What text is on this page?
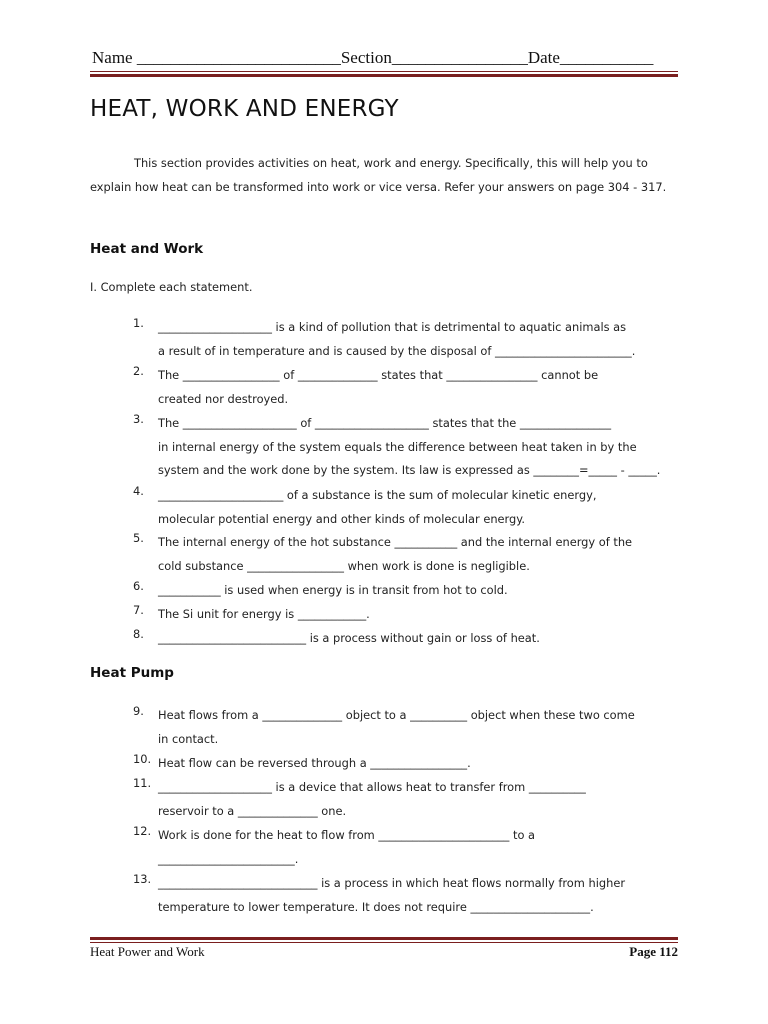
Name ________________________Section________________Date___________
HEAT, WORK AND ENERGY
This section provides activities on heat, work and energy. Specifically, this will help you to explain how heat can be transformed into work or vice versa. Refer your answers on page 304 - 317.
Heat and Work
I. Complete each statement.
1.	____________________ is a kind of pollution that is detrimental to aquatic animals as
a result of in temperature and is caused by the disposal of ________________________.
2.	The _________________ of ______________ states that ________________ cannot be
created nor destroyed.
3.	The ____________________ of ____________________ states that the ________________
in internal energy of the system equals the difference between heat taken in by the
system and the work done by the system. Its law is expressed as ________=_____ - _____.
4.	______________________ of a substance is the sum of molecular kinetic energy,
molecular potential energy and other kinds of molecular energy.
5.	The internal energy of the hot substance ___________ and the internal energy of the
cold substance _________________ when work is done is negligible.
6.	___________ is used when energy is in transit from hot to cold.
7.	The Si unit for energy is ____________.
8.	__________________________ is a process without gain or loss of heat.
Heat Pump
9.	Heat flows from a ______________ object to a __________ object when these two come
in contact.
10. Heat flow can be reversed through a _________________.
11. ____________________ is a device that allows heat to transfer from __________
reservoir to a ______________ one.
12. Work is done for the heat to flow from _______________________ to a
________________________.
13. ____________________________ is a process in which heat flows normally from higher
temperature to lower temperature. It does not require _____________________.
Heat Power and Work	Page 112
